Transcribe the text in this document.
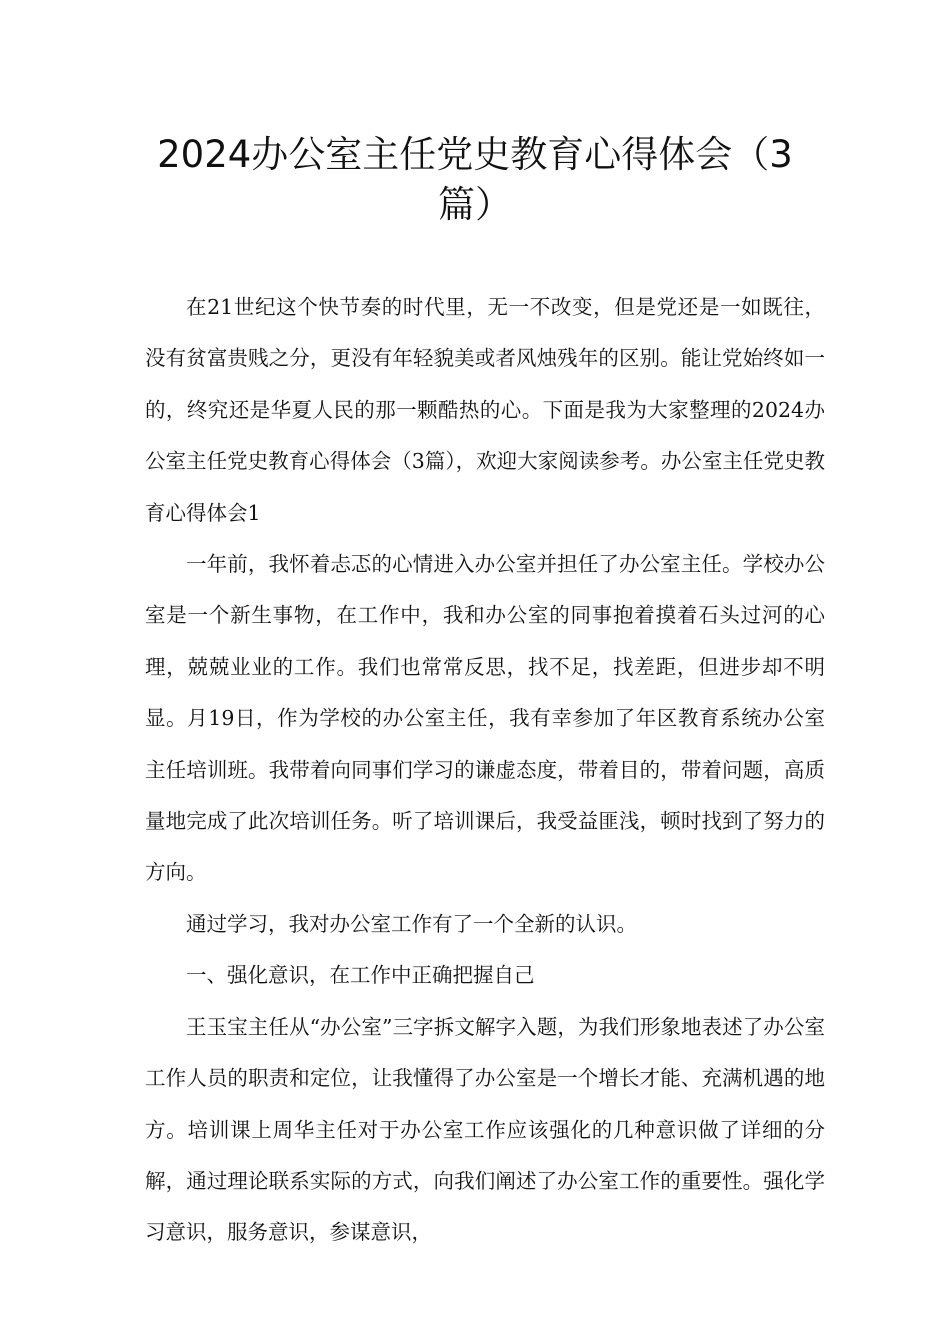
2024办公室主任党史教育心得体会（3篇）

在21世纪这个快节奏的时代里，无一不改变，但是党还是一如既往，没有贫富贵贱之分，更没有年轻貌美或者风烛残年的区别。能让党始终如一的，终究还是华夏人民的那一颗酷热的心。下面是我为大家整理的2024办公室主任党史教育心得体会（3篇），欢迎大家阅读参考。办公室主任党史教育心得体会1

一年前，我怀着忐忑的心情进入办公室并担任了办公室主任。学校办公室是一个新生事物，在工作中，我和办公室的同事抱着摸着石头过河的心理，兢兢业业的工作。我们也常常反思，找不足，找差距，但进步却不明显。月19日，作为学校的办公室主任，我有幸参加了年区教育系统办公室主任培训班。我带着向同事们学习的谦虚态度，带着目的，带着问题，高质量地完成了此次培训任务。听了培训课后，我受益匪浅，顿时找到了努力的方向。

通过学习，我对办公室工作有了一个全新的认识。

一、强化意识，在工作中正确把握自己

王玉宝主任从“办公室”三字拆文解字入题，为我们形象地表述了办公室工作人员的职责和定位，让我懂得了办公室是一个增长才能、充满机遇的地方。培训课上周华主任对于办公室工作应该强化的几种意识做了详细的分解，通过理论联系实际的方式，向我们阐述了办公室工作的重要性。强化学习意识，服务意识，参谋意识，
